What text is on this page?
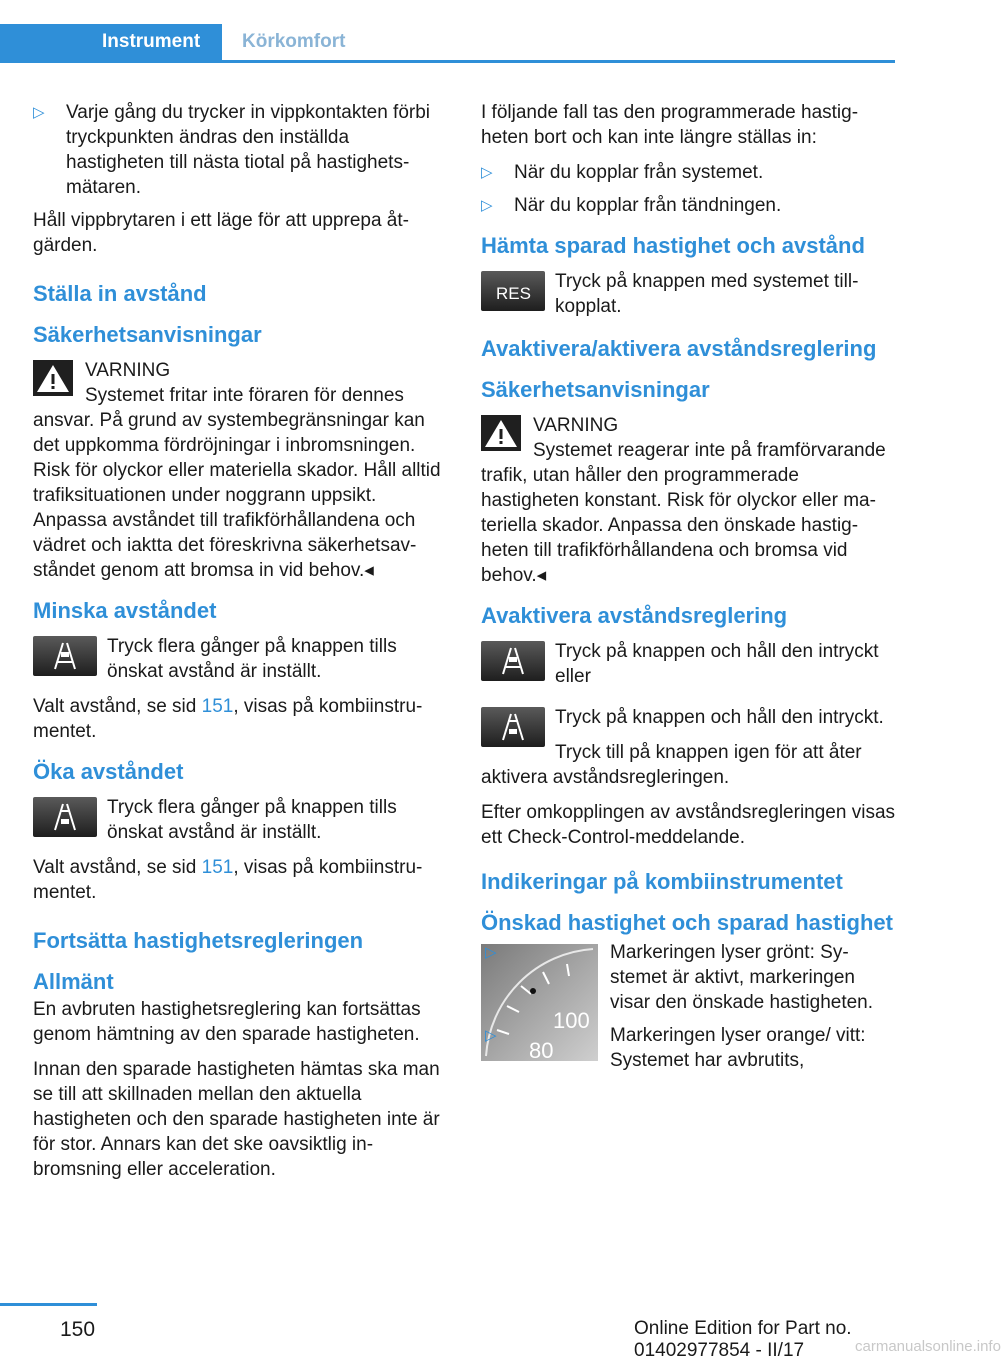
Instrument	Körkomfort
▷ Varje gång du trycker in vippkontakten förbi tryckpunkten ändras den inställda hastigheten till nästa tiotal på hastighetsmätaren.

Håll vippbrytaren i ett läge för att upprepa åtgärden.

Ställa in avstånd
Säkerhetsanvisningar
VARNING
Systemet fritar inte föraren för dennes ansvar. På grund av systembegränsningar kan det uppkomma fördröjningar i inbromsningen. Risk för olyckor eller materiella skador. Håll alltid trafiksituationen under noggrann uppsikt. Anpassa avståndet till trafikförhållandena och vädret och iaktta det föreskrivna säkerhetsavståndet genom att bromsa in vid behov.◂
Minska avståndet
Tryck flera gånger på knappen tills önskat avstånd är inställt.

Valt avstånd, se sid 151, visas på kombiinstrumentet.

Öka avståndet
Tryck flera gånger på knappen tills önskat avstånd är inställt.

Valt avstånd, se sid 151, visas på kombiinstrumentet.

Fortsätta hastighetsregleringen
Allmänt

En avbruten hastighetsreglering kan fortsättas genom hämtning av den sparade hastigheten.

Innan den sparade hastigheten hämtas ska man se till att skillnaden mellan den aktuella hastigheten och den sparade hastigheten inte är för stor. Annars kan det ske oavsiktlig inbromsning eller acceleration.

I följande fall tas den programmerade hastigheten bort och kan inte längre ställas in:

▷ När du kopplar från systemet.
▷ När du kopplar från tändningen.
Hämta sparad hastighet och avstånd
RES
Tryck på knappen med systemet tillkopplat.
Avaktivera/aktivera avståndsreglering
Säkerhetsanvisningar
VARNING
Systemet reagerar inte på framförvarande trafik, utan håller den programmerade hastigheten konstant. Risk för olyckor eller materiella skador. Anpassa den önskade hastigheten till trafikförhållandena och bromsa vid behov.◂
Avaktivera avståndsreglering
Tryck på knappen och håll den intryckt eller
Tryck på knappen och håll den intryckt.

Tryck till på knappen igen för att åter aktivera avståndsregleringen.

Efter omkopplingen av avståndsregleringen visas ett Check-Control-meddelande.

Indikeringar på kombiinstrumentet
Önskad hastighet och sparad hastighet
100
80
▷	Markeringen lyser grönt: Systemet är aktivt, markeringen visar den önskade hastigheten.
▷	Markeringen lyser orange/ vitt: Systemet har avbrutits,
150	Online Edition for Part no. 01402977854 - II/17	carmanualsonline.info
